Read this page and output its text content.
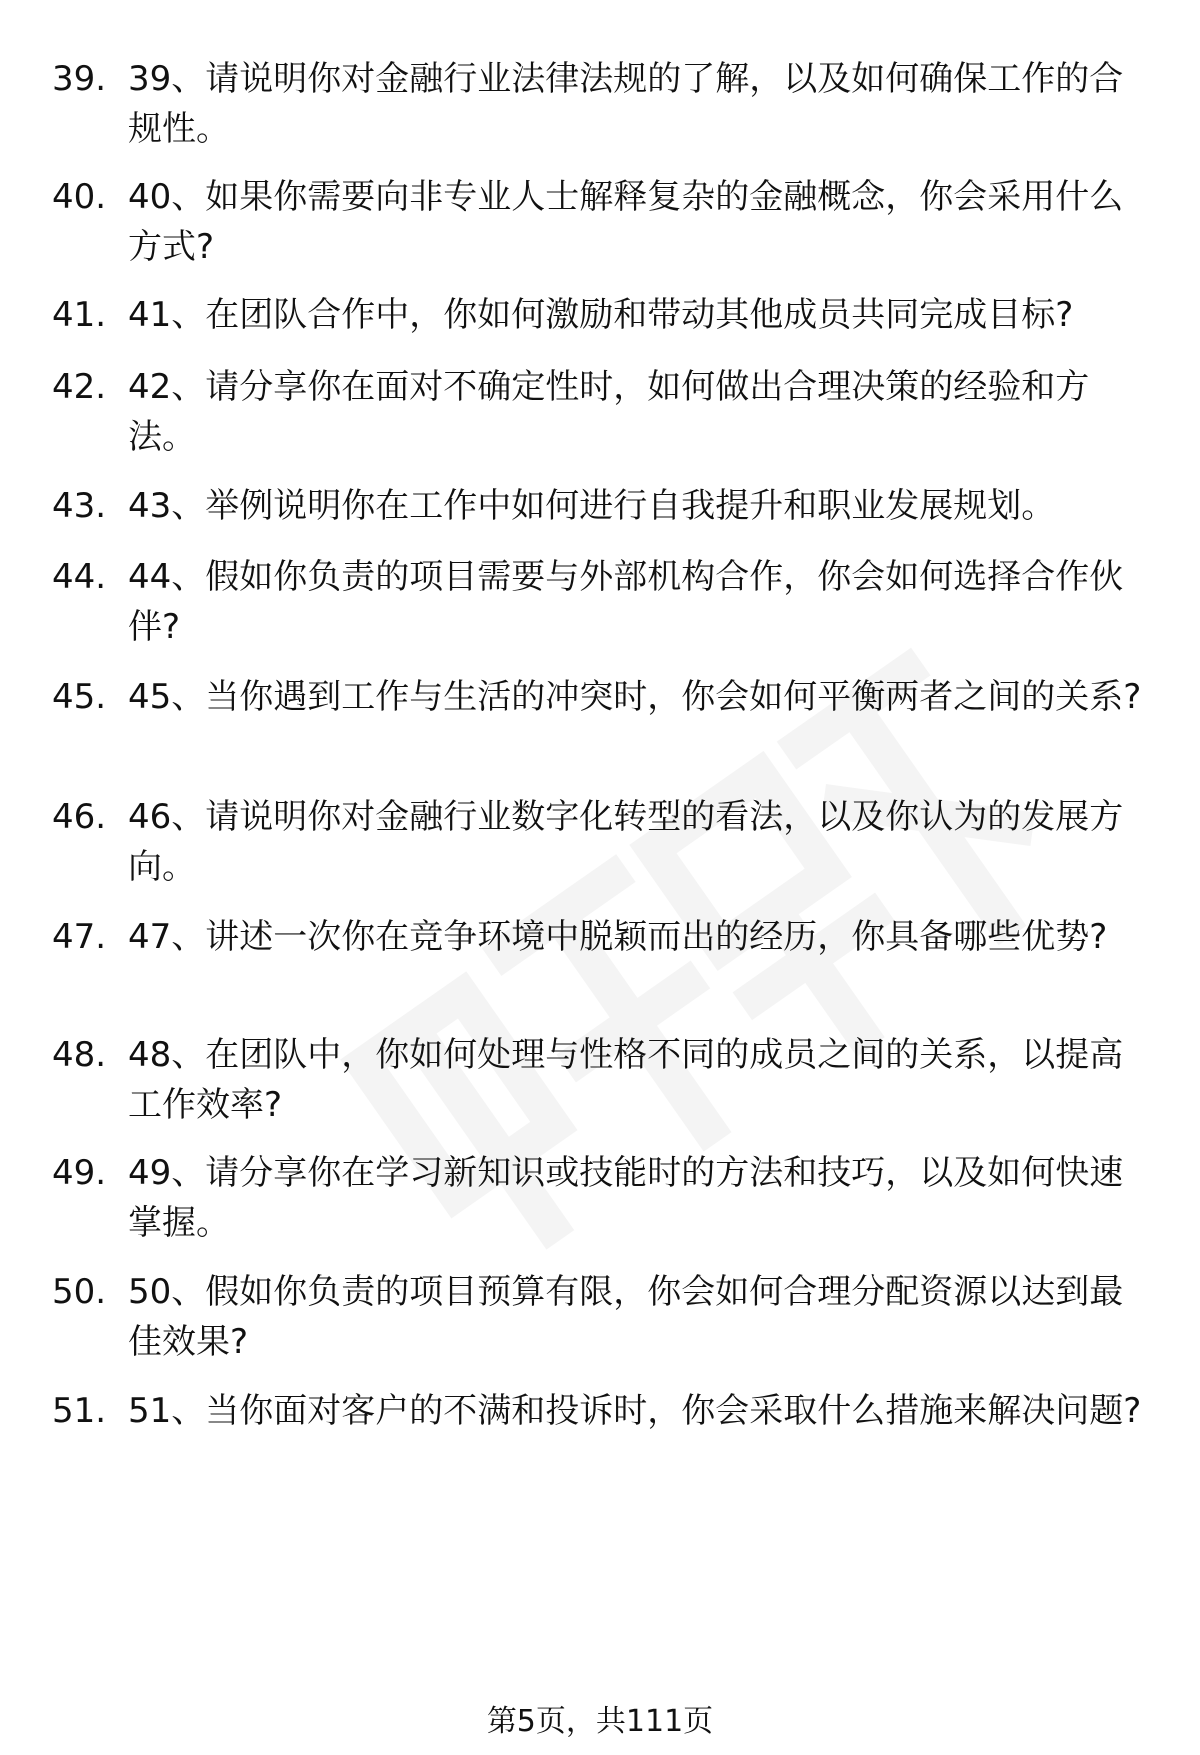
39. 39、请说明你对金融行业法律法规的了解，以及如何确保工作的合规性。
40. 40、如果你需要向非专业人士解释复杂的金融概念，你会采用什么方式?
41. 41、在团队合作中，你如何激励和带动其他成员共同完成目标?
42. 42、请分享你在面对不确定性时，如何做出合理决策的经验和方法。
43. 43、举例说明你在工作中如何进行自我提升和职业发展规划。
44. 44、假如你负责的项目需要与外部机构合作，你会如何选择合作伙伴?
45. 45、当你遇到工作与生活的冲突时，你会如何平衡两者之间的关系?
46. 46、请说明你对金融行业数字化转型的看法，以及你认为的发展方向。
47. 47、讲述一次你在竞争环境中脱颖而出的经历，你具备哪些优势?
48. 48、在团队中，你如何处理与性格不同的成员之间的关系，以提高工作效率?
49. 49、请分享你在学习新知识或技能时的方法和技巧，以及如何快速掌握。
50. 50、假如你负责的项目预算有限，你会如何合理分配资源以达到最佳效果?
51. 51、当你面对客户的不满和投诉时，你会采取什么措施来解决问题?
第5页，共111页
